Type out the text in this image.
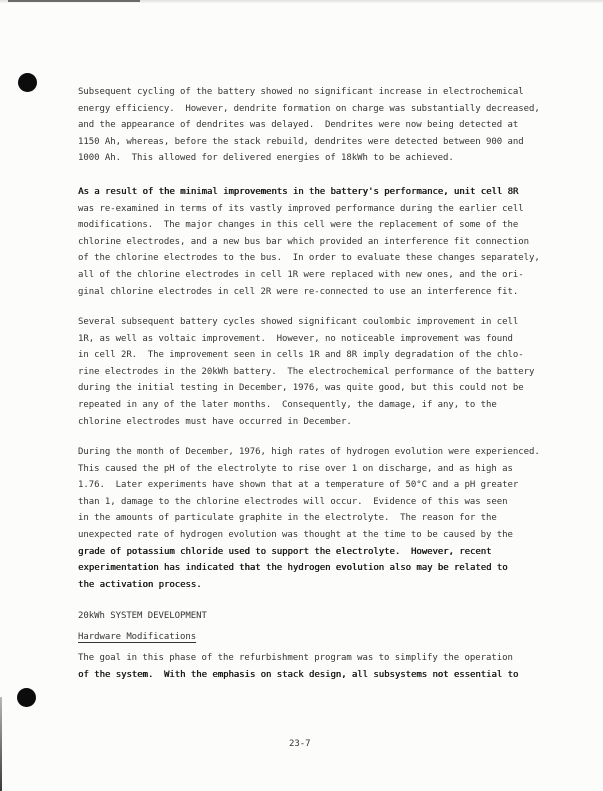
Subsequent cycling of the battery showed no significant increase in electrochemical
energy efficiency.  However, dendrite formation on charge was substantially decreased,
and the appearance of dendrites was delayed.  Dendrites were now being detected at
1150 Ah, whereas, before the stack rebuild, dendrites were detected between 900 and
1000 Ah.  This allowed for delivered energies of 18kWh to be achieved.
As a result of the minimal improvements in the battery's performance, unit cell 8R
was re-examined in terms of its vastly improved performance during the earlier cell
modifications.  The major changes in this cell were the replacement of some of the
chlorine electrodes, and a new bus bar which provided an interference fit connection
of the chlorine electrodes to the bus.  In order to evaluate these changes separately,
all of the chlorine electrodes in cell 1R were replaced with new ones, and the ori-
ginal chlorine electrodes in cell 2R were re-connected to use an interference fit.
Several subsequent battery cycles showed significant coulombic improvement in cell
1R, as well as voltaic improvement.  However, no noticeable improvement was found
in cell 2R.  The improvement seen in cells 1R and 8R imply degradation of the chlo-
rine electrodes in the 20kWh battery.  The electrochemical performance of the battery
during the initial testing in December, 1976, was quite good, but this could not be
repeated in any of the later months.  Consequently, the damage, if any, to the
chlorine electrodes must have occurred in December.
During the month of December, 1976, high rates of hydrogen evolution were experienced.
This caused the pH of the electrolyte to rise over 1 on discharge, and as high as
1.76.  Later experiments have shown that at a temperature of 50°C and a pH greater
than 1, damage to the chlorine electrodes will occur.  Evidence of this was seen
in the amounts of particulate graphite in the electrolyte.  The reason for the
unexpected rate of hydrogen evolution was thought at the time to be caused by the
grade of potassium chloride used to support the electrolyte.  However, recent
experimentation has indicated that the hydrogen evolution also may be related to
the activation process.
20kWh SYSTEM DEVELOPMENT
Hardware Modifications
The goal in this phase of the refurbishment program was to simplify the operation
of the system.  With the emphasis on stack design, all subsystems not essential to
23-7
